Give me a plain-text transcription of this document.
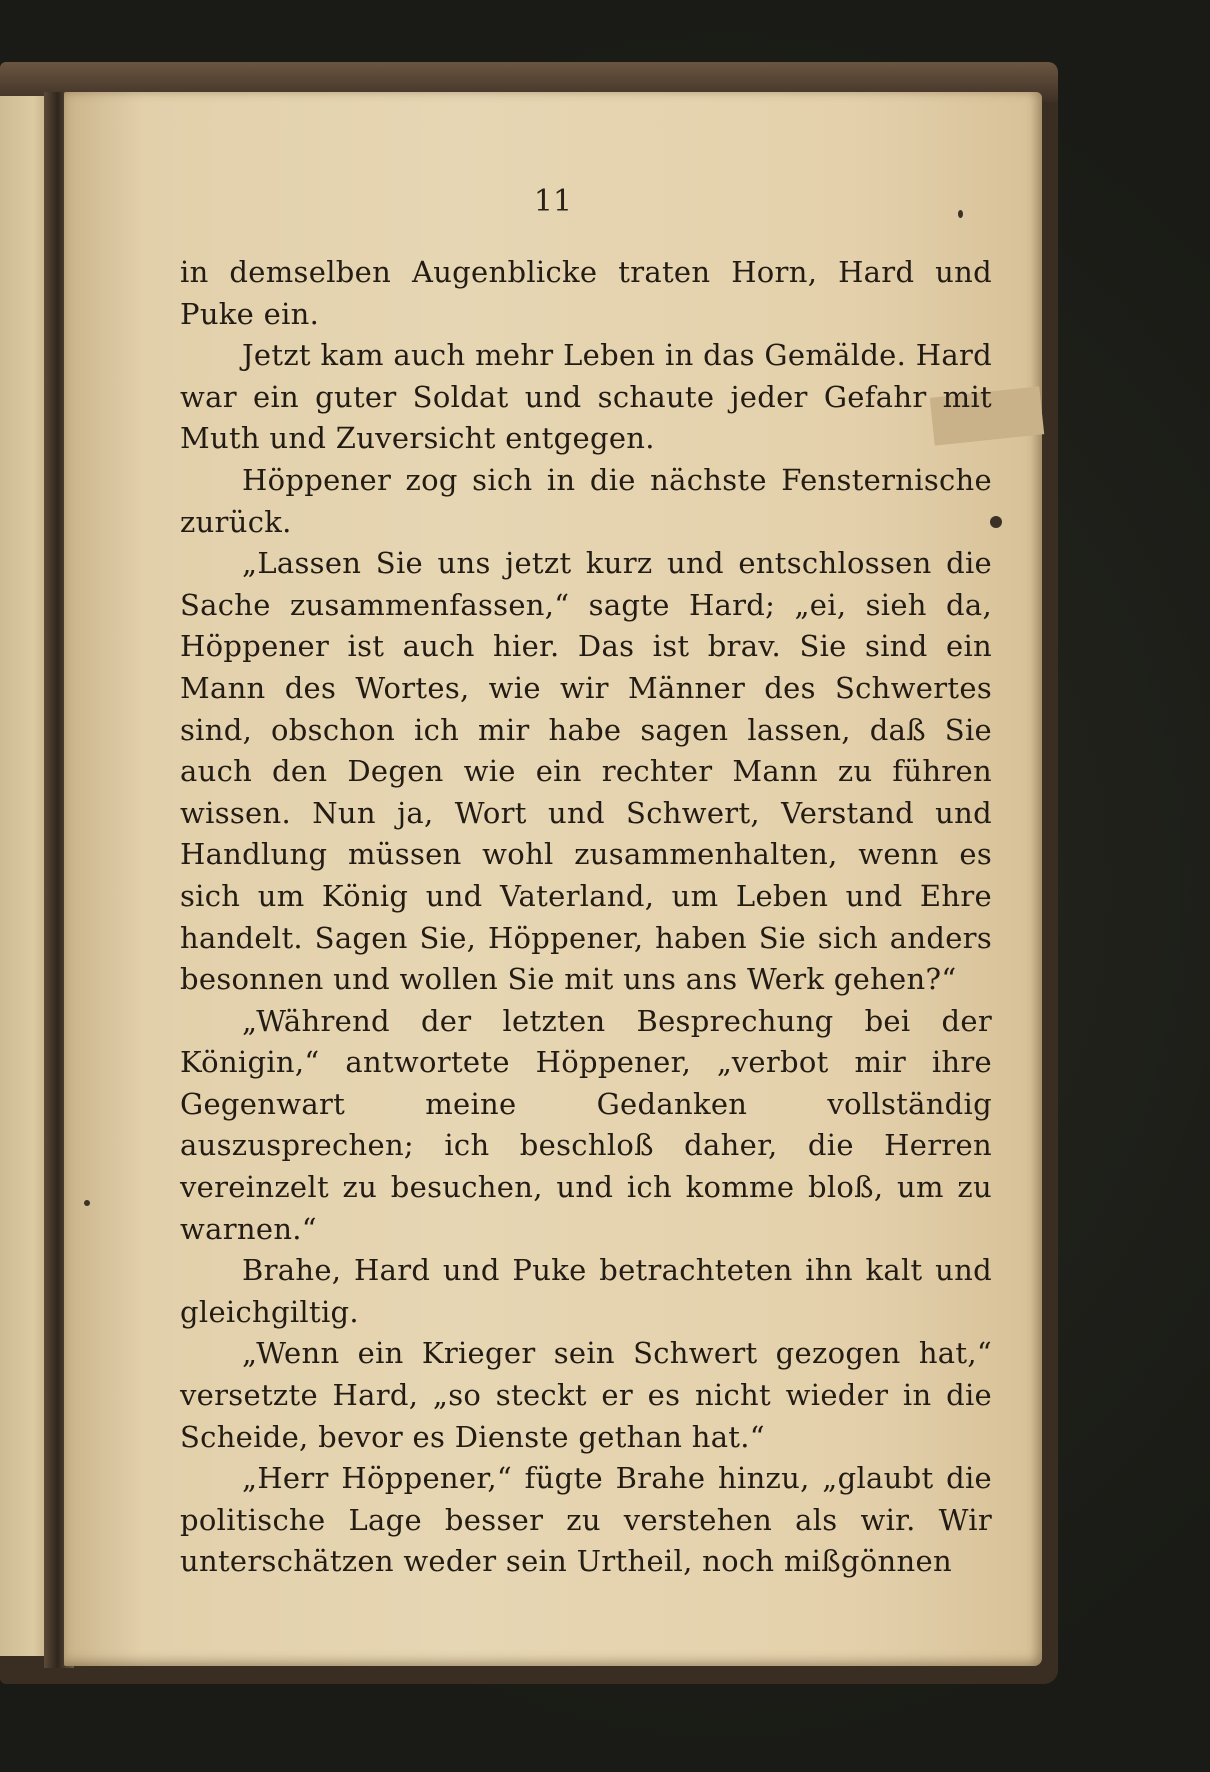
11

in demselben Augenblicke traten Horn, Hard und Puke ein.

Jetzt kam auch mehr Leben in das Gemälde. Hard war ein guter Soldat und schaute jeder Gefahr mit Muth und Zuversicht entgegen.

Höppener zog sich in die nächste Fensternische zurück.

„Lassen Sie uns jetzt kurz und entschlossen die Sache zusammenfassen,“ sagte Hard; „ei, sieh da, Höppener ist auch hier. Das ist brav. Sie sind ein Mann des Wortes, wie wir Männer des Schwertes sind, obschon ich mir habe sagen lassen, daß Sie auch den Degen wie ein rechter Mann zu führen wissen. Nun ja, Wort und Schwert, Verstand und Handlung müssen wohl zusammenhalten, wenn es sich um König und Vaterland, um Leben und Ehre handelt. Sagen Sie, Höppener, haben Sie sich anders besonnen und wollen Sie mit uns ans Werk gehen?“

„Während der letzten Besprechung bei der Königin,“ antwortete Höppener, „verbot mir ihre Gegenwart meine Gedanken vollständig auszusprechen; ich beschloß daher, die Herren vereinzelt zu besuchen, und ich komme bloß, um zu warnen.“

Brahe, Hard und Puke betrachteten ihn kalt und gleichgiltig.

„Wenn ein Krieger sein Schwert gezogen hat,“ versetzte Hard, „so steckt er es nicht wieder in die Scheide, bevor es Dienste gethan hat.“

„Herr Höppener,“ fügte Brahe hinzu, „glaubt die politische Lage besser zu verstehen als wir. Wir unterschätzen weder sein Urtheil, noch mißgönnen
